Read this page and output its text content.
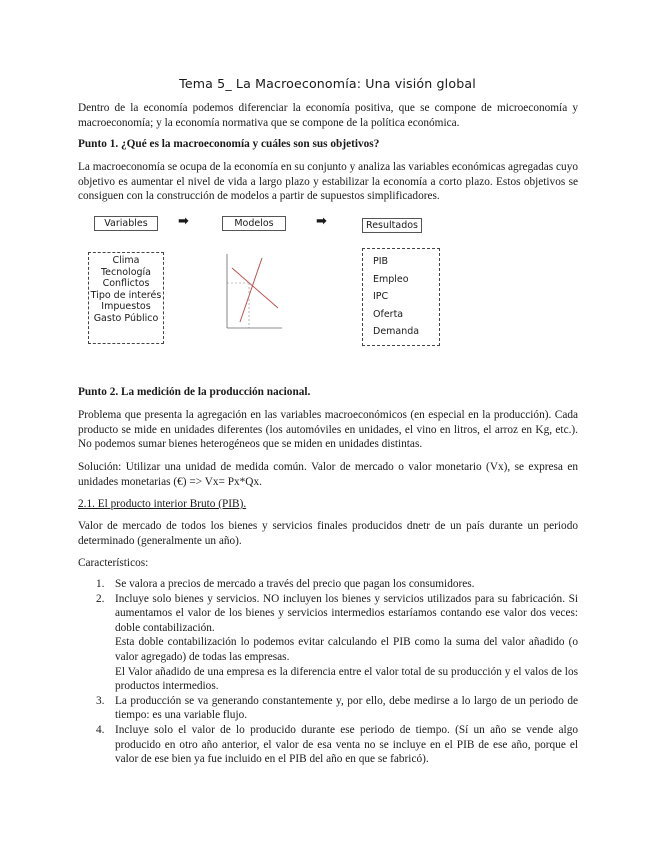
Tema 5_ La Macroeconomía: Una visión global
Dentro de la economía podemos diferenciar la economía positiva, que se compone de microeconomía y macroeconomía; y la economía normativa que se compone de la política económica.
Punto 1. ¿Qué es la macroeconomía y cuáles son sus objetivos?
La macroeconomía se ocupa de la economía en su conjunto y analiza las variables económicas agregadas cuyo objetivo es aumentar el nivel de vida a largo plazo y estabilizar la economía a corto plazo. Estos objetivos se consiguen con la construcción de modelos a partir de supuestos simplificadores.
Variables	➡	Modelos	➡	Resultados
Clima
Tecnología
Conflictos
Tipo de interés
Impuestos
Gasto Público
PIB
Empleo
IPC
Oferta
Demanda
Punto 2. La medición de la producción nacional.
Problema que presenta la agregación en las variables macroeconómicos (en especial en la producción). Cada producto se mide en unidades diferentes (los automóviles en unidades, el vino en litros, el arroz en Kg, etc.). No podemos sumar bienes heterogéneos que se miden en unidades distintas.
Solución: Utilizar una unidad de medida común. Valor de mercado o valor monetario (Vx), se expresa en unidades monetarias (€) => Vx= Px*Qx.
2.1. El producto interior Bruto (PIB).
Valor de mercado de todos los bienes y servicios finales producidos dnetr de un país durante un periodo determinado (generalmente un año).
Característicos:
1. Se valora a precios de mercado a través del precio que pagan los consumidores.
2. Incluye solo bienes y servicios. NO incluyen los bienes y servicios utilizados para su fabricación. Si aumentamos el valor de los bienes y servicios intermedios estaríamos contando ese valor dos veces: doble contabilización.
Esta doble contabilización lo podemos evitar calculando el PIB como la suma del valor añadido (o valor agregado) de todas las empresas.
El Valor añadido de una empresa es la diferencia entre el valor total de su producción y el valos de los productos intermedios.
3. La producción se va generando constantemente y, por ello, debe medirse a lo largo de un periodo de tiempo: es una variable flujo.
4. Incluye solo el valor de lo producido durante ese periodo de tiempo. (Sí un año se vende algo producido en otro año anterior, el valor de esa venta no se incluye en el PIB de ese año, porque el valor de ese bien ya fue incluido en el PIB del año en que se fabricó).
